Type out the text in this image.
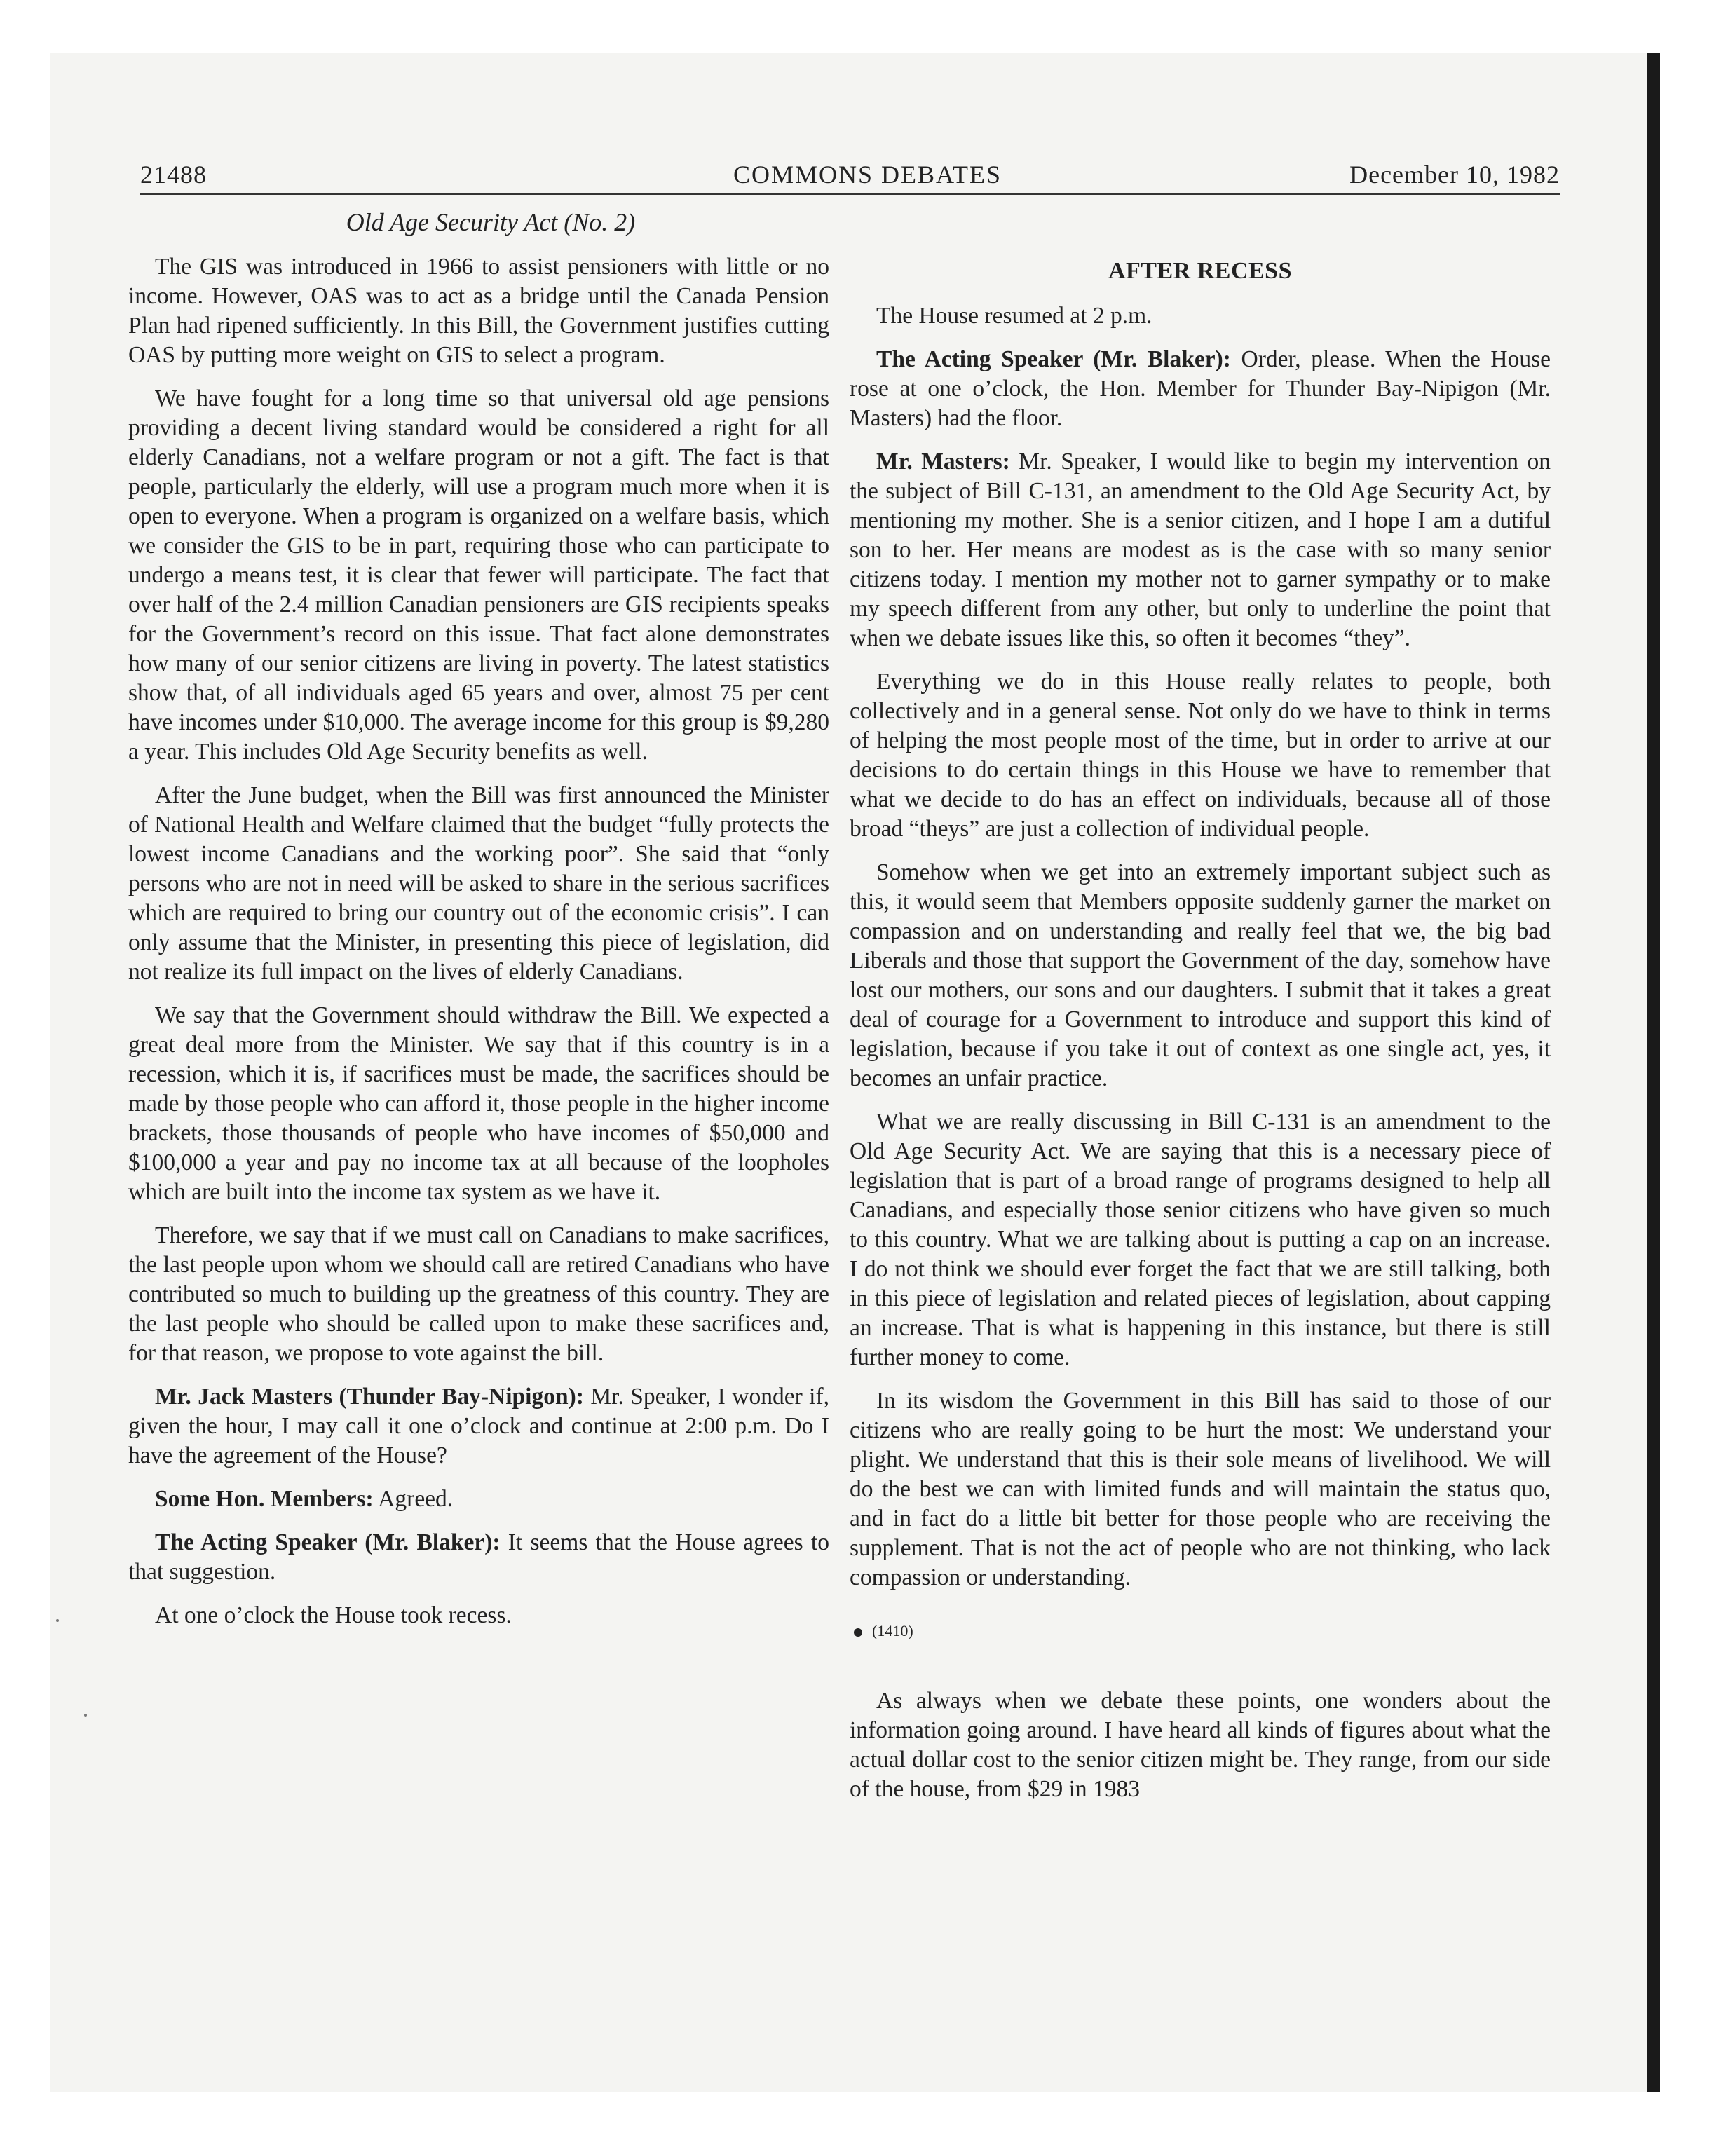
21488	COMMONS DEBATES	December 10, 1982
Old Age Security Act (No. 2)

The GIS was introduced in 1966 to assist pensioners with little or no income. However, OAS was to act as a bridge until the Canada Pension Plan had ripened sufficiently. In this Bill, the Government justifies cutting OAS by putting more weight on GIS to select a program.

We have fought for a long time so that universal old age pensions providing a decent living standard would be considered a right for all elderly Canadians, not a welfare program or not a gift. The fact is that people, particularly the elderly, will use a program much more when it is open to everyone. When a program is organized on a welfare basis, which we consider the GIS to be in part, requiring those who can participate to undergo a means test, it is clear that fewer will participate. The fact that over half of the 2.4 million Canadian pensioners are GIS recipients speaks for the Government’s record on this issue. That fact alone demonstrates how many of our senior citizens are living in poverty. The latest statistics show that, of all individuals aged 65 years and over, almost 75 per cent have incomes under $10,000. The average income for this group is $9,280 a year. This includes Old Age Security benefits as well.

After the June budget, when the Bill was first announced the Minister of National Health and Welfare claimed that the budget “fully protects the lowest income Canadians and the working poor”. She said that “only persons who are not in need will be asked to share in the serious sacrifices which are required to bring our country out of the economic crisis”. I can only assume that the Minister, in presenting this piece of legislation, did not realize its full impact on the lives of elderly Canadians.

We say that the Government should withdraw the Bill. We expected a great deal more from the Minister. We say that if this country is in a recession, which it is, if sacrifices must be made, the sacrifices should be made by those people who can afford it, those people in the higher income brackets, those thousands of people who have incomes of $50,000 and $100,000 a year and pay no income tax at all because of the loopholes which are built into the income tax system as we have it.

Therefore, we say that if we must call on Canadians to make sacrifices, the last people upon whom we should call are retired Canadians who have contributed so much to building up the greatness of this country. They are the last people who should be called upon to make these sacrifices and, for that reason, we propose to vote against the bill.

Mr. Jack Masters (Thunder Bay-Nipigon): Mr. Speaker, I wonder if, given the hour, I may call it one o’clock and continue at 2:00 p.m. Do I have the agreement of the House?

Some Hon. Members: Agreed.

The Acting Speaker (Mr. Blaker): It seems that the House agrees to that suggestion.

At one o’clock the House took recess.

AFTER RECESS

The House resumed at 2 p.m.

The Acting Speaker (Mr. Blaker): Order, please. When the House rose at one o’clock, the Hon. Member for Thunder Bay-Nipigon (Mr. Masters) had the floor.

Mr. Masters: Mr. Speaker, I would like to begin my intervention on the subject of Bill C-131, an amendment to the Old Age Security Act, by mentioning my mother. She is a senior citizen, and I hope I am a dutiful son to her. Her means are modest as is the case with so many senior citizens today. I mention my mother not to garner sympathy or to make my speech different from any other, but only to underline the point that when we debate issues like this, so often it becomes “they”.

Everything we do in this House really relates to people, both collectively and in a general sense. Not only do we have to think in terms of helping the most people most of the time, but in order to arrive at our decisions to do certain things in this House we have to remember that what we decide to do has an effect on individuals, because all of those broad “theys” are just a collection of individual people.

Somehow when we get into an extremely important subject such as this, it would seem that Members opposite suddenly garner the market on compassion and on understanding and really feel that we, the big bad Liberals and those that support the Government of the day, somehow have lost our mothers, our sons and our daughters. I submit that it takes a great deal of courage for a Government to introduce and support this kind of legislation, because if you take it out of context as one single act, yes, it becomes an unfair practice.

What we are really discussing in Bill C-131 is an amendment to the Old Age Security Act. We are saying that this is a necessary piece of legislation that is part of a broad range of programs designed to help all Canadians, and especially those senior citizens who have given so much to this country. What we are talking about is putting a cap on an increase. I do not think we should ever forget the fact that we are still talking, both in this piece of legislation and related pieces of legislation, about capping an increase. That is what is happening in this instance, but there is still further money to come.

In its wisdom the Government in this Bill has said to those of our citizens who are really going to be hurt the most: We understand your plight. We understand that this is their sole means of livelihood. We will do the best we can with limited funds and will maintain the status quo, and in fact do a little bit better for those people who are receiving the supplement. That is not the act of people who are not thinking, who lack compassion or understanding.

(1410)

As always when we debate these points, one wonders about the information going around. I have heard all kinds of figures about what the actual dollar cost to the senior citizen might be. They range, from our side of the house, from $29 in 1983
